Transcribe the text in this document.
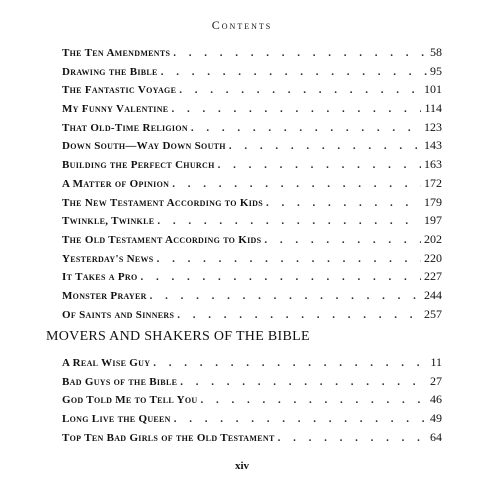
Contents
The Ten Amendments . . .	58
Drawing the Bible . . .	95
The Fantastic Voyage . . .	101
My Funny Valentine . . .	114
That Old-Time Religion . . .	123
Down South—Way Down South . . .	143
Building the Perfect Church . . .	163
A Matter of Opinion . . .	172
The New Testament According to Kids . . .	179
Twinkle, Twinkle . . .	197
The Old Testament According to Kids . . .	202
Yesterday's News . . .	220
It Takes a Pro . . .	227
Monster Prayer . . .	244
Of Saints and Sinners . . .	257
MOVERS AND SHAKERS OF THE BIBLE
A Real Wise Guy . . .	11
Bad Guys of the Bible . . .	27
God Told Me to Tell You . . .	46
Long Live the Queen . . .	49
Top Ten Bad Girls of the Old Testament . . .	64
xiv
